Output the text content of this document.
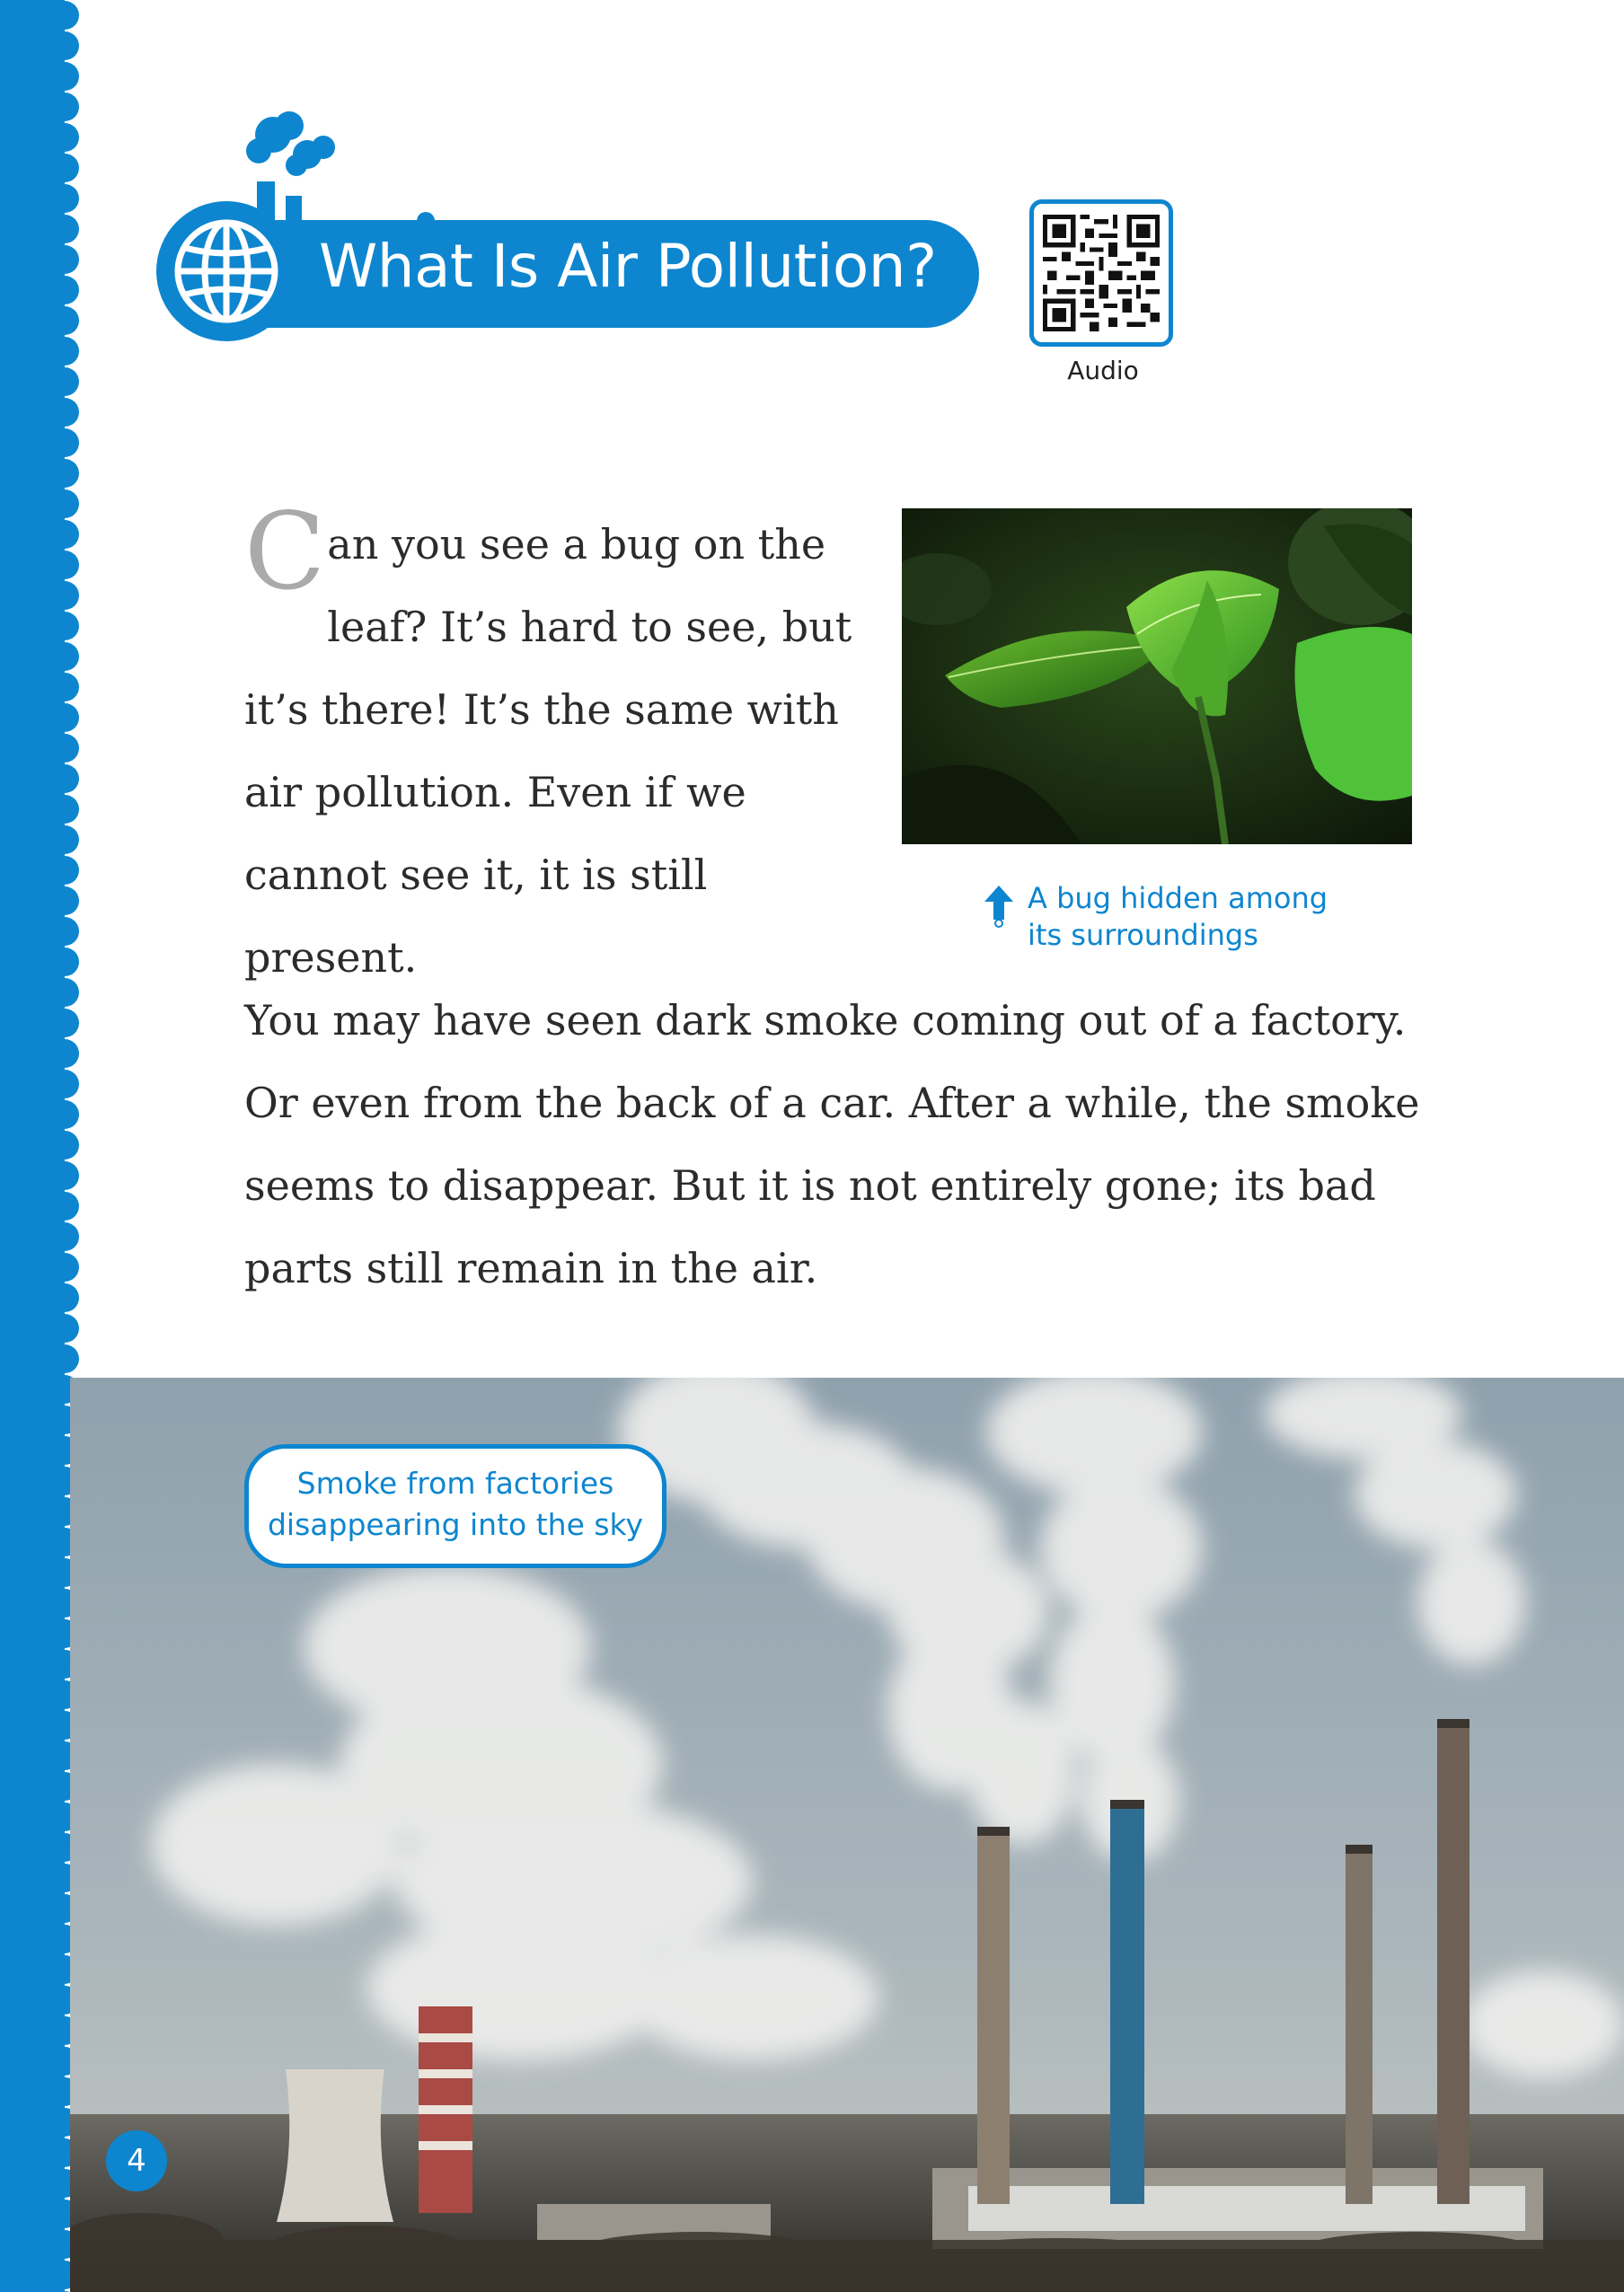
What Is Air Pollution?
Audio
Can you see a bug on the leaf? It’s hard to see, but it’s there! It’s the same with air pollution. Even if we cannot see it, it is still present.
A bug hidden among
its surroundings
You may have seen dark smoke coming out of a factory. Or even from the back of a car. After a while, the smoke seems to disappear. But it is not entirely gone; its bad parts still remain in the air.
Smoke from factories
disappearing into the sky
4
